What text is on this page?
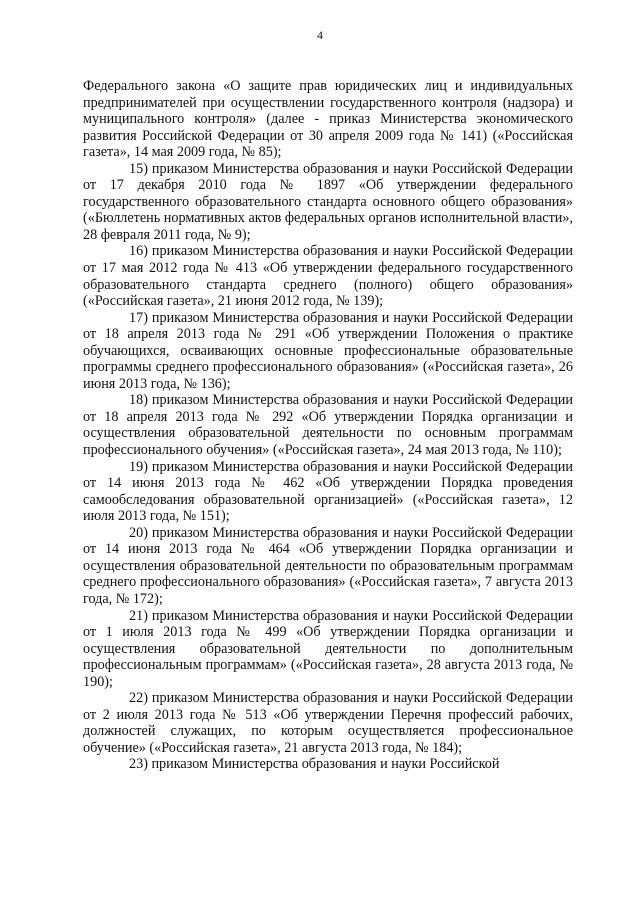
4

Федерального закона «О защите прав юридических лиц и индивидуальных предпринимателей при осуществлении государственного контроля (надзора) и муниципального контроля» (далее - приказ Министерства экономического развития Российской Федерации от 30 апреля 2009 года № 141) («Российская газета», 14 мая 2009 года, № 85);

15) приказом Министерства образования и науки Российской Федерации от 17 декабря 2010 года № 1897 «Об утверждении федерального государственного образовательного стандарта основного общего образования» («Бюллетень нормативных актов федеральных органов исполнительной власти», 28 февраля 2011 года, № 9);

16) приказом Министерства образования и науки Российской Федерации от 17 мая 2012 года № 413 «Об утверждении федерального государственного образовательного стандарта среднего (полного) общего образования» («Российская газета», 21 июня 2012 года, № 139);

17) приказом Министерства образования и науки Российской Федерации от 18 апреля 2013 года № 291 «Об утверждении Положения о практике обучающихся, осваивающих основные профессиональные образовательные программы среднего профессионального образования» («Российская газета», 26 июня 2013 года, № 136);

18) приказом Министерства образования и науки Российской Федерации от 18 апреля 2013 года № 292 «Об утверждении Порядка организации и осуществления образовательной деятельности по основным программам профессионального обучения» («Российская газета», 24 мая 2013 года, № 110);

19) приказом Министерства образования и науки Российской Федерации от 14 июня 2013 года № 462 «Об утверждении Порядка проведения самообследования образовательной организацией» («Российская газета», 12 июля 2013 года, № 151);

20) приказом Министерства образования и науки Российской Федерации от 14 июня 2013 года № 464 «Об утверждении Порядка организации и осуществления образовательной деятельности по образовательным программам среднего профессионального образования» («Российская газета», 7 августа 2013 года, № 172);

21) приказом Министерства образования и науки Российской Федерации от 1 июля 2013 года № 499 «Об утверждении Порядка организации и осуществления образовательной деятельности по дополнительным профессиональным программам» («Российская газета», 28 августа 2013 года, № 190);

22) приказом Министерства образования и науки Российской Федерации от 2 июля 2013 года № 513 «Об утверждении Перечня профессий рабочих, должностей служащих, по которым осуществляется профессиональное обучение» («Российская газета», 21 августа 2013 года, № 184);

23) приказом Министерства образования и науки Российской
